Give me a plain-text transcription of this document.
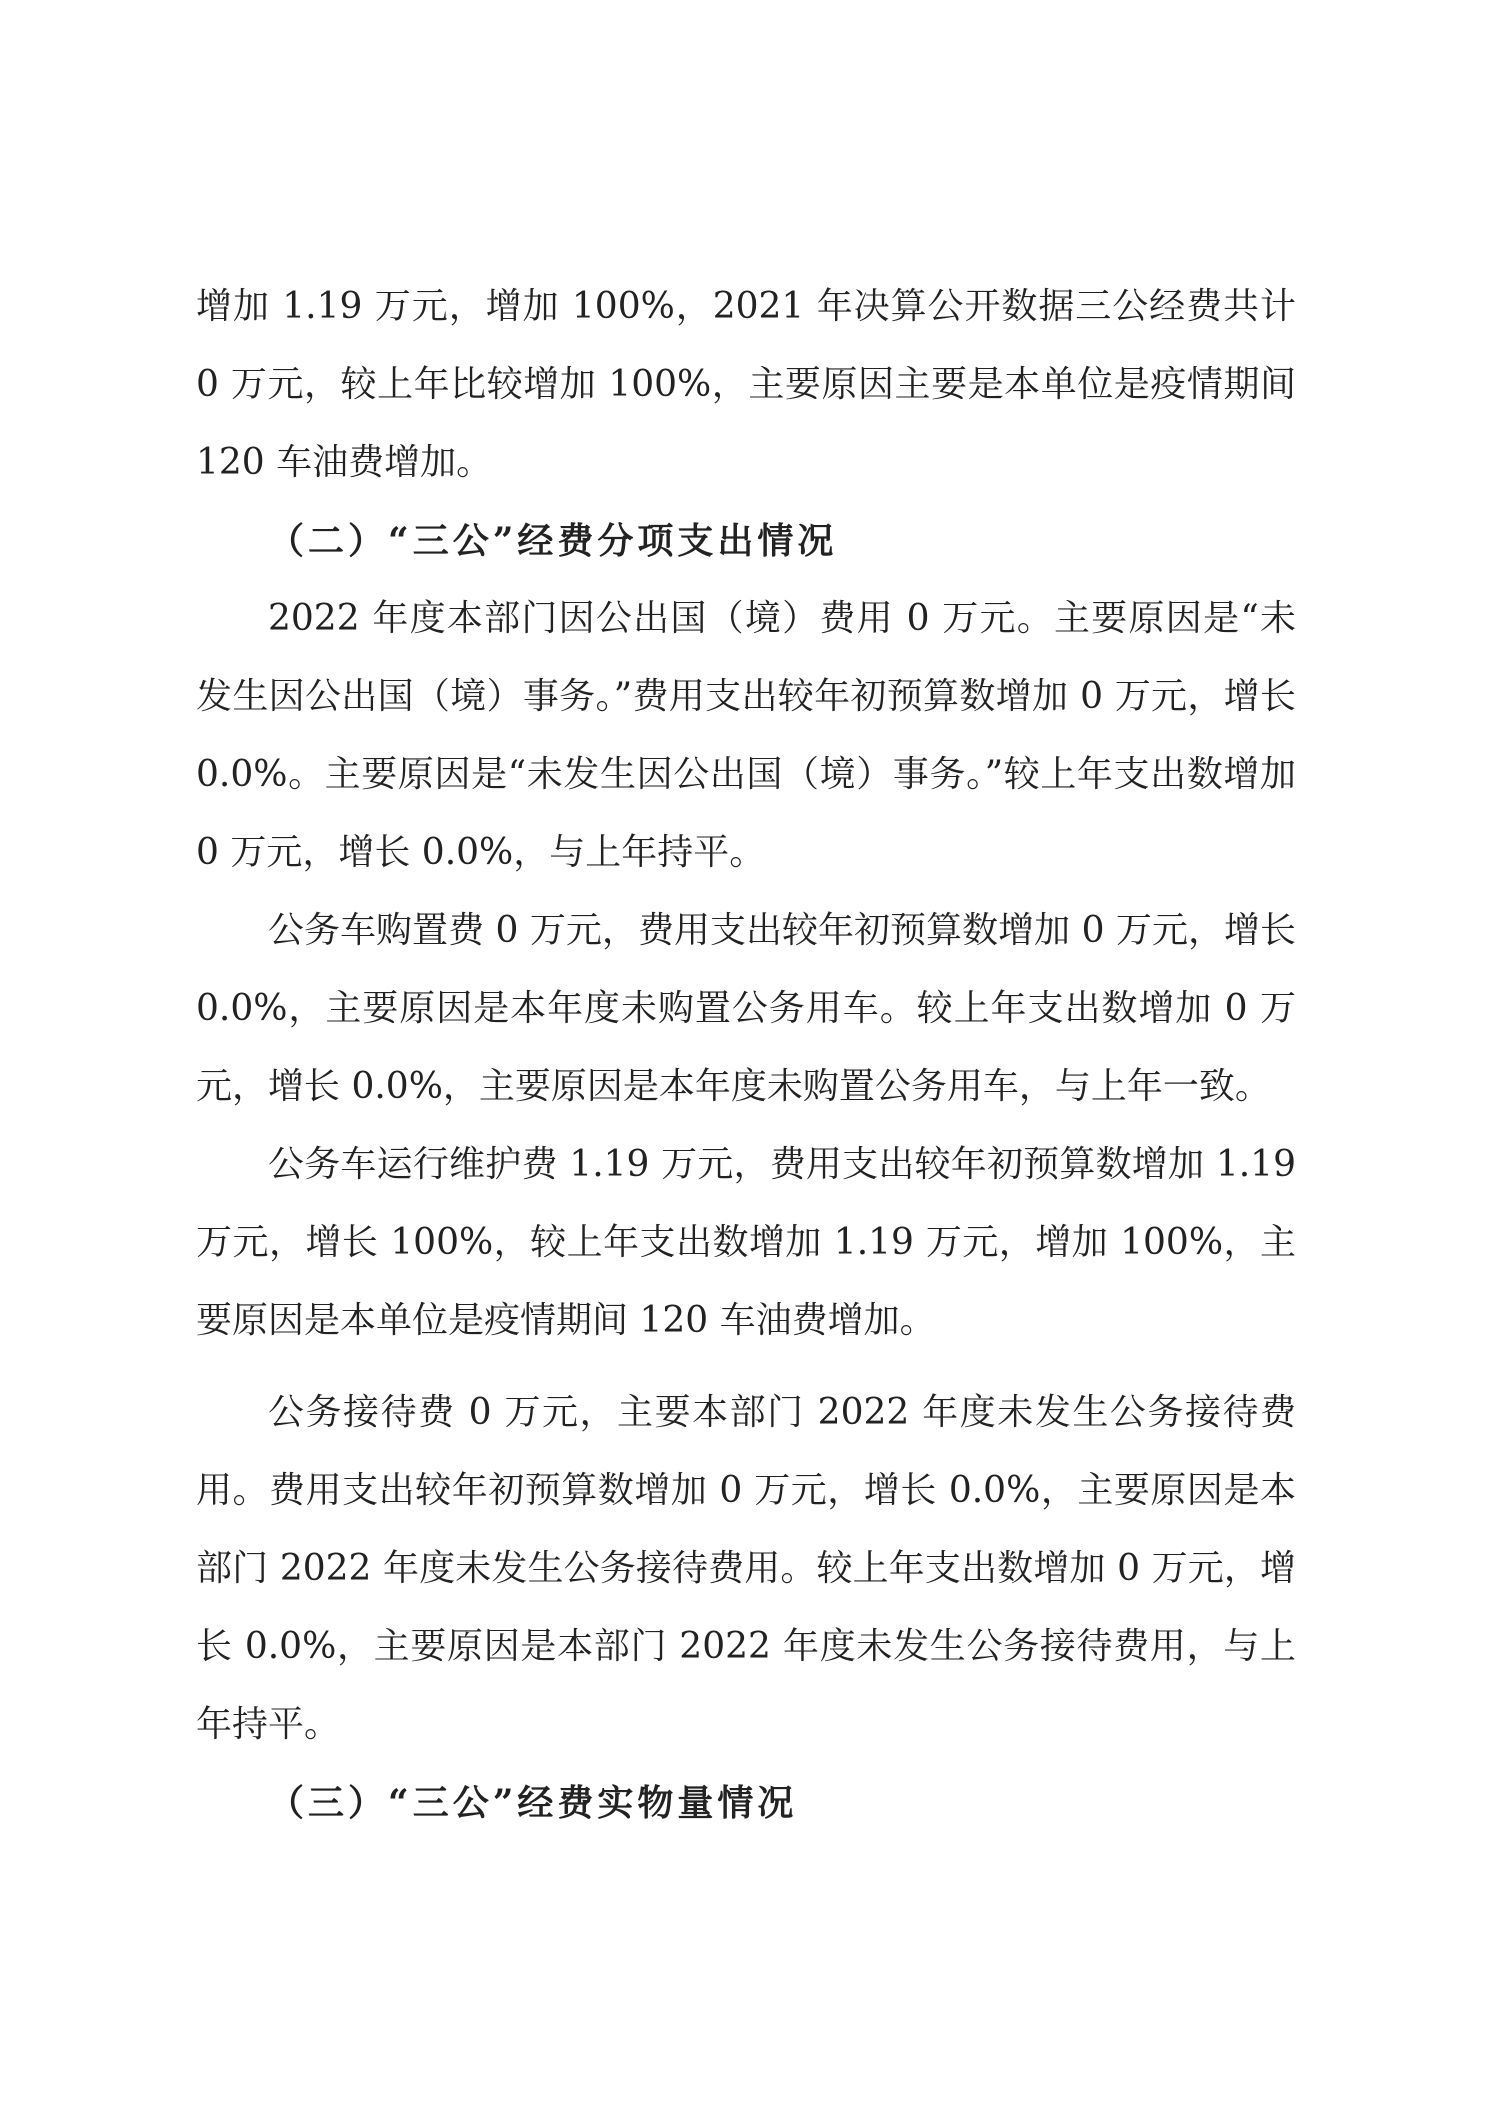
增加 1.19 万元，增加 100%，2021 年决算公开数据三公经费共计 0 万元，较上年比较增加 100%，主要原因主要是本单位是疫情期间 120 车油费增加。

（二）“三公”经费分项支出情况

2022 年度本部门因公出国（境）费用 0 万元。主要原因是“未发生因公出国（境）事务。”费用支出较年初预算数增加 0 万元，增长 0.0%。主要原因是“未发生因公出国（境）事务。”较上年支出数增加 0 万元，增长 0.0%，与上年持平。

公务车购置费 0 万元，费用支出较年初预算数增加 0 万元，增长 0.0%，主要原因是本年度未购置公务用车。较上年支出数增加 0 万元，增长 0.0%，主要原因是本年度未购置公务用车，与上年一致。

公务车运行维护费 1.19 万元，费用支出较年初预算数增加 1.19 万元，增长 100%，较上年支出数增加 1.19 万元，增加 100%，主要原因是本单位是疫情期间 120 车油费增加。

公务接待费 0 万元，主要本部门 2022 年度未发生公务接待费用。费用支出较年初预算数增加 0 万元，增长 0.0%，主要原因是本部门 2022 年度未发生公务接待费用。较上年支出数增加 0 万元，增长 0.0%，主要原因是本部门 2022 年度未发生公务接待费用，与上年持平。

（三）“三公”经费实物量情况
